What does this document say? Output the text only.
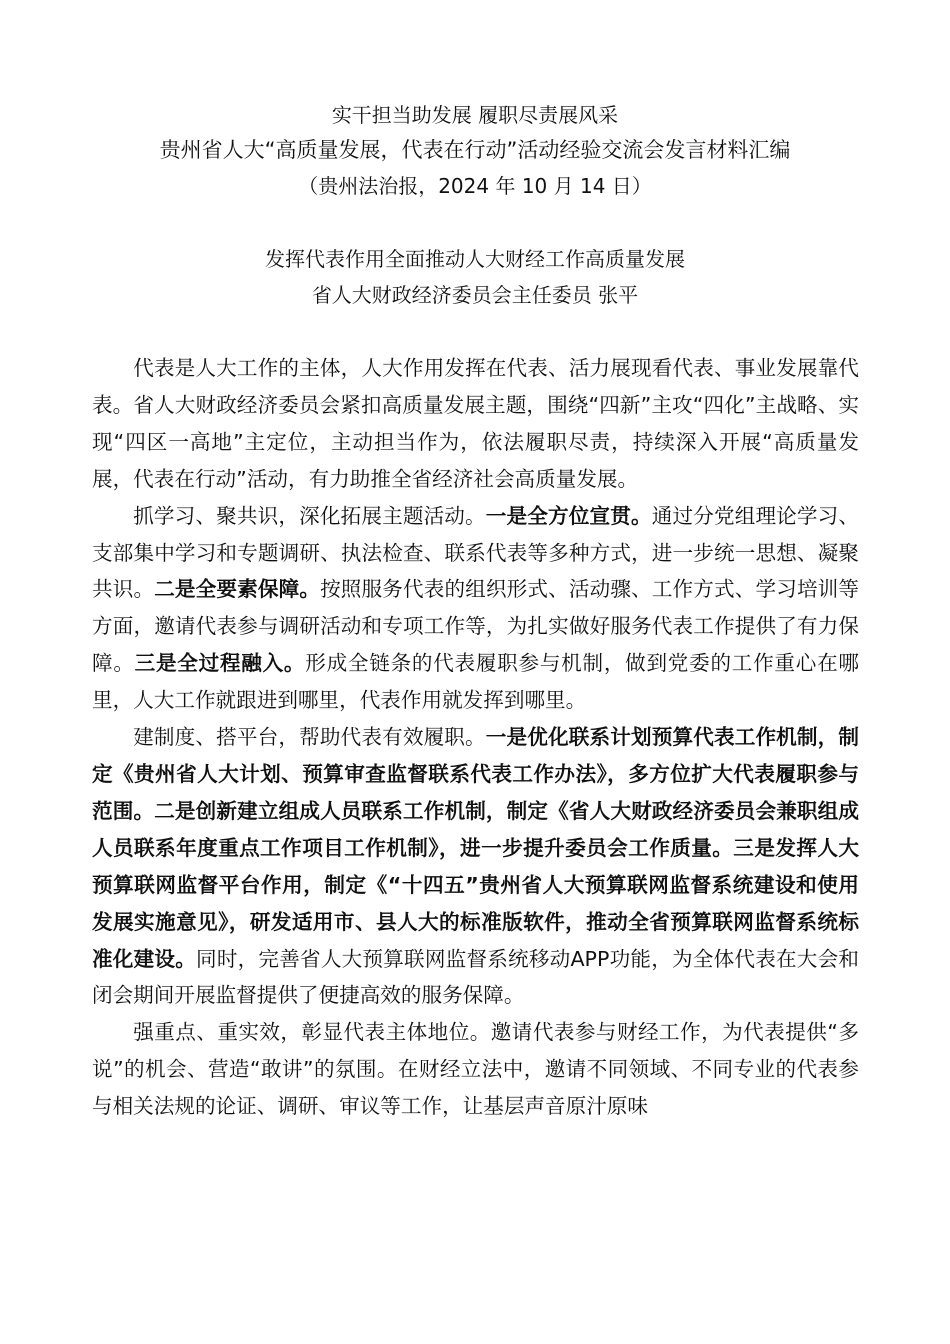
实干担当助发展 履职尽责展风采
贵州省人大“高质量发展，代表在行动”活动经验交流会发言材料汇编
（贵州法治报，2024 年 10 月 14 日）
发挥代表作用全面推动人大财经工作高质量发展
省人大财政经济委员会主任委员 张平

代表是人大工作的主体，人大作用发挥在代表、活力展现看代表、事业发展靠代表。省人大财政经济委员会紧扣高质量发展主题，围绕“四新”主攻“四化”主战略、实现“四区一高地”主定位，主动担当作为，依法履职尽责，持续深入开展“高质量发展，代表在行动”活动，有力助推全省经济社会高质量发展。

抓学习、聚共识，深化拓展主题活动。一是全方位宣贯。通过分党组理论学习、支部集中学习和专题调研、执法检查、联系代表等多种方式，进一步统一思想、凝聚共识。二是全要素保障。按照服务代表的组织形式、活动骤、工作方式、学习培训等方面，邀请代表参与调研活动和专项工作等，为扎实做好服务代表工作提供了有力保障。三是全过程融入。形成全链条的代表履职参与机制，做到党委的工作重心在哪里，人大工作就跟进到哪里，代表作用就发挥到哪里。

建制度、搭平台，帮助代表有效履职。一是优化联系计划预算代表工作机制，制定《贵州省人大计划、预算审查监督联系代表工作办法》，多方位扩大代表履职参与范围。二是创新建立组成人员联系工作机制，制定《省人大财政经济委员会兼职组成人员联系年度重点工作项目工作机制》，进一步提升委员会工作质量。三是发挥人大预算联网监督平台作用，制定《“十四五”贵州省人大预算联网监督系统建设和使用发展实施意见》，研发适用市、县人大的标准版软件，推动全省预算联网监督系统标准化建设。同时，完善省人大预算联网监督系统移动APP功能，为全体代表在大会和闭会期间开展监督提供了便捷高效的服务保障。

强重点、重实效，彰显代表主体地位。邀请代表参与财经工作，为代表提供“多说”的机会、营造“敢讲”的氛围。在财经立法中，邀请不同领域、不同专业的代表参与相关法规的论证、调研、审议等工作，让基层声音原汁原味
